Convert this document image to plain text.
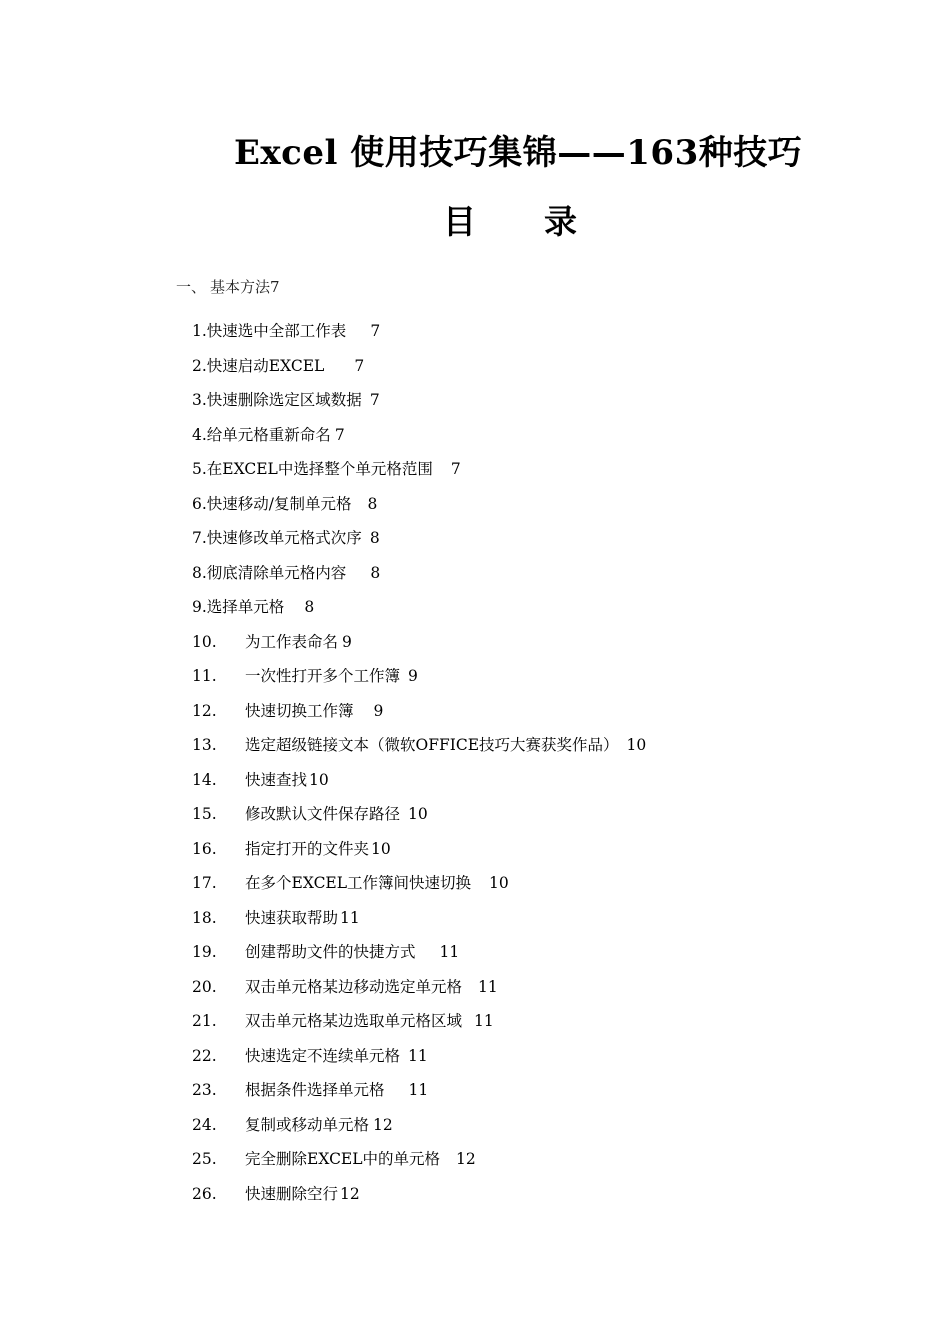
Excel 使用技巧集锦——163种技巧
目 录
一、 基本方法7
1. 快速选中全部工作表 7
2. 快速启动EXCEL 7
3. 快速删除选定区域数据 7
4. 给单元格重新命名 7
5. 在EXCEL中选择整个单元格范围 7
6. 快速移动/复制单元格 8
7. 快速修改单元格式次序 8
8. 彻底清除单元格内容 8
9. 选择单元格 8
10.	为工作表命名 9
11.	一次性打开多个工作簿 9
12.	快速切换工作簿 9
13.	选定超级链接文本（微软OFFICE技巧大赛获奖作品） 10
14.	快速查找 10
15.	修改默认文件保存路径 10
16.	指定打开的文件夹 10
17.	在多个EXCEL工作簿间快速切换 10
18.	快速获取帮助 11
19.	创建帮助文件的快捷方式 11
20.	双击单元格某边移动选定单元格 11
21.	双击单元格某边选取单元格区域 11
22.	快速选定不连续单元格 11
23.	根据条件选择单元格 11
24.	复制或移动单元格 12
25.	完全删除EXCEL中的单元格 12
26.	快速删除空行 12
